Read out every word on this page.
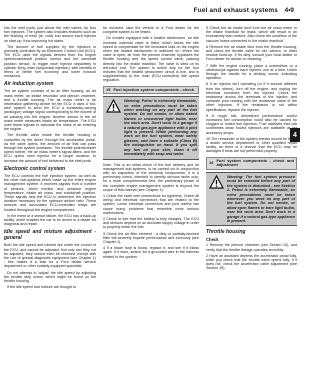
Fuel and exhaust systems 4•9
4

into the inlet ports, just above the inlet valves, by four fuel injectors. The system also includes features such as the flushing of fresh (ie, cold) fuel around each injector on start-up, thus improving hot starts.

The amount of fuel supplied by the injectors is precisely controlled by an Electronic Control Unit (ECU). The ECU uses the signals derived from the engine speed/crankshaft position sensor and the camshaft position sensor, to trigger each injector separately in cylinder firing order (sequential injection), with benefits in terms of better fuel economy and lower exhaust emissions.

Air induction system

The air system consists of an air filter housing, an air mass meter, an intake resonator and plenum chamber, and a throttle housing. The air mass meter is an information gathering device for the ECU; it uses a 'hot-wire' system to send the ECU a constantly-varying (analogue) voltage signal corresponding to the volume of air passing into the engine. Another sensor in the air mass meter measures intake air temperature. The ECU uses these signals to calculate the mass of air entering the engine.

The throttle valve inside the throttle housing is controlled by the driver, through the accelerator pedal. As the valve opens, the amount of air that can pass through the system increases. The throttle potentiometer opens further, the air mass meter's signal alters, and the ECU opens each injector for a longer duration, to increase the amount of fuel delivered to the inlet ports.

Electronic control system

The ECU controls the fuel injection system, as well as the other sub-systems which make up the entire engine management system. It receives signals from a number of sensors, which monitor and measure engine temperature, intake air mass, and crankshaft position. These signals help the ECU to determine the injection duration necessary for the optimum air/fuel ratio. These sensors and associated ECU-controlled relays are located throughout the engine compartment.

In the event of a sensor failure, the ECU has a back-up facility, which enables the car to be driven to a dealer for diagnosis and repair.

Idle speed and mixture adjustment - general

Both the idle speed and mixture are under the control of the ECU, and cannot be adjusted. Not only can they not be adjusted, they cannot even be checked, except with the use of special diagnostic equipment (see Chapter 1) - this makes it a task for a Ford dealer service department or other suitably-equipped specialist.

Do not attempt to 'adjust' the idle speed by adjusting the throttle stop screw, which might be found on the throttle housing.

If the idle speed and mixture are thought to

be incorrect, take the vehicle to a Ford dealer for the complete system to be tested.

On models equipped with a heated windscreen, an idle increase solenoid valve is fitted, which raises the idle speed to compensate for the increased load on the engine when the heated windscreen is switched on. When the valve is open, air from the plenum chamber bypasses the throttle housing and the speed control valve, passing directly into the intake manifold. The valve is sited on its left-hand end. The system is active only for the four minutes that the heated windscreen circuit is live, and is supplementary to the main (ECU-controlled) idle speed regulation.

15 Fuel injection system components - check
Warning: Petrol is extremely flammable, so extra precautions must be taken when working on any part of the fuel system. Do not smoke, or allow naked flames or uncovered light bulbs, near the work area. Don't work in a garage if a natural gas-type appliance with a pilot light is present. While performing any work on the fuel system, wear safety glasses, and have a suitable (Class B) fire extinguisher on hand. If you spill any fuel on your skin, clean it off immediately with soap and water.

Note: This is an initial check of the fuel delivery and air management sub-systems, to be carried out in conjunction with an inspection of the electrical components. It is a preliminary check, intended to identify obvious faults only; for a more comprehensive test, the preliminary phase of the complete engine management system is beyond the scope of this manual (see Chapter 1).

1 Check the earth wire connections for tightness. Check all wiring and electrical connectors that are related to the system. Loose electrical connectors and poor earths can cause many problems that resemble more serious malfunctions.

2 Check to see that the battery is fully charged. The ECU and sensors depend on an accurate supply voltage in order to properly meter the fuel.

3 Check the air filter element - a dirty or partially-blocked filter will severely impede performance and economy (see Chapter 1).

4 If a blown fuse is found, replace it, and see if it blows again. If it does, search for a grounded wire in the harness related to the system.

5 Check the air intake duct from the air mass meter to the intake manifold for leaks, which will result in an excessively lean mixture. Also check the condition of the vacuum hoses connected to the intake manifold.

6 Remove the air intake duct from the throttle housing, and check the throttle valve for dirt, carbon, or other residue build-up. If it's dirty, consult your local dealer or Ford dealer for advice on cleaning.

7 With the engine running, place a screwdriver or a stethoscope against each injector, one at a time. Listen through the handle for a clicking sound, indicating operation.

8 If an injector isn't operating (or if it sounds different from the others), turn off the engine, and unplug the electrical connector from the injector. Check the resistance across the terminals of the injector, and compare your reading with the resistance value of the other injectors. If the resistance is not within specification, replace the injector.

9 A rough idle, diminished performance and/or increased fuel consumption could also be caused by clogged or fouled fuel injectors. Fuel additives that can sometimes clean fouled injectors are available at car accessory shops.

10 The remainder of the system checks should be left to a dealer service department or other qualified repair facility, as there is a chance that the ECU may be damaged if tests are not performed properly.

16 Fuel system components - check and adjustment
Warning: The fuel system pressure must be released before any part of the system is disturbed - see Section 2. Petrol is extremely flammable, so extra precautions must be taken whenever you work on any part of the fuel system. Do not smoke, or allow open flames or bare light bulbs, near the work area. Don't work in a garage if a natural gas-type appliance is present.
Throttle housing
Check

1 Remove the plenum chamber (see Section 10), and verify that the throttle linkage operates smoothly.

2 Have an assistant depress the accelerator pedal fully, while you check that the throttle valve opens fully. If it does not, check the accelerator cable adjustment (see Section 15).
